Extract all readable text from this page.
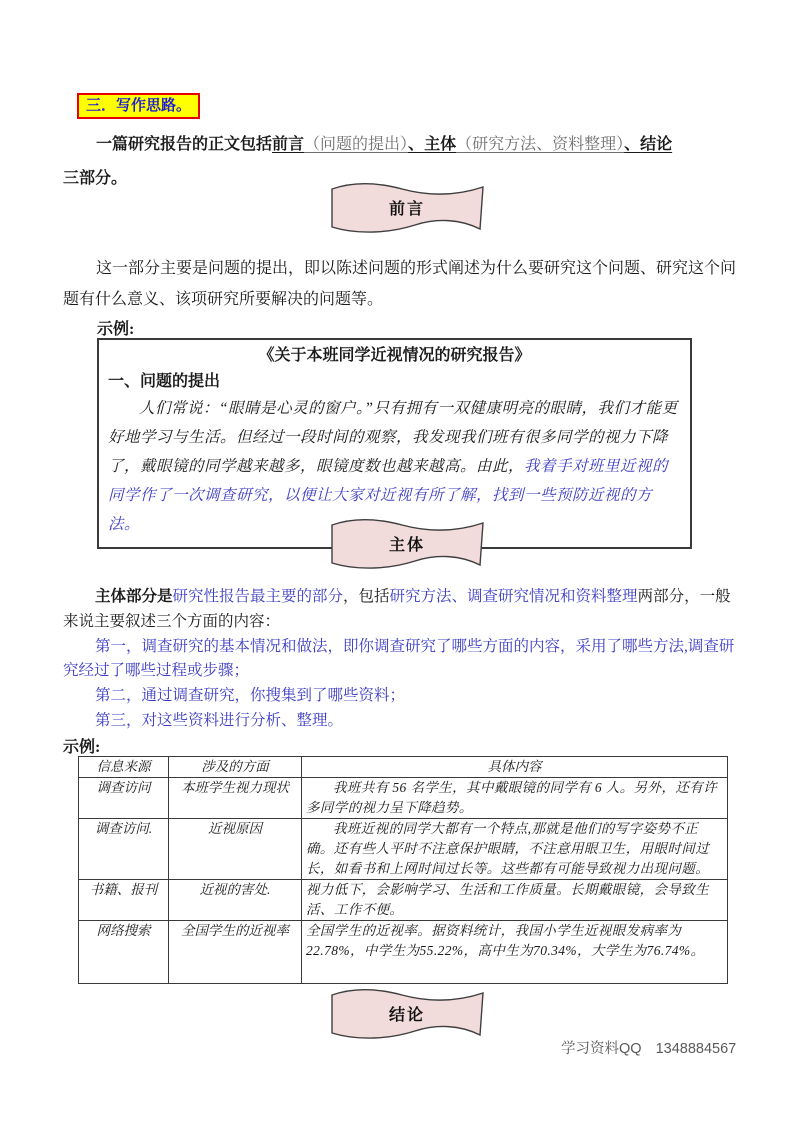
三．写作思路。

一篇研究报告的正文包括前言（问题的提出）、主体（研究方法、资料整理）、结论
三部分。

前言

这一部分主要是问题的提出，即以陈述问题的形式阐述为什么要研究这个问题、研究这个问题有什么意义、该项研究所要解决的问题等。

示例:
《关于本班同学近视情况的研究报告》
一、问题的提出

人们常说：“眼睛是心灵的窗户。”只有拥有一双健康明亮的眼睛，我们才能更好地学习与生活。但经过一段时间的观察，我发现我们班有很多同学的视力下降了，戴眼镜的同学越来越多，眼镜度数也越来越高。由此，我着手对班里近视的同学作了一次调查研究，以便让大家对近视有所了解，找到一些预防近视的方法。

主体

主体部分是研究性报告最主要的部分，包括研究方法、调查研究情况和资料整理两部分，一般来说主要叙述三个方面的内容：

第一，调查研究的基本情况和做法，即你调查研究了哪些方面的内容，采用了哪些方法,调查研究经过了哪些过程或步骤；

第二，通过调查研究，你搜集到了哪些资料；

第三，对这些资料进行分析、整理。

示例:
信息来源	涉及的方面	具体内容
调查访问	本班学生视力现状	我班共有 56 名学生，其中戴眼镜的同学有 6 人。另外，还有许多同学的视力呈下降趋势。
调查访问.	近视原因	我班近视的同学大都有一个特点,那就是他们的写字姿势不正确。还有些人平时不注意保护眼睛，不注意用眼卫生，用眼时间过长，如看书和上网时间过长等。这些都有可能导致视力出现问题。
书籍、报刊	近视的害处.	视力低下，会影响学习、生活和工作质量。长期戴眼镜，会导致生活、工作不便。
网络搜索	全国学生的近视率	全国学生的近视率。据资料统计，我国小学生近视眼发病率为22.78%，中学生为55.22%，高中生为70.34%，大学生为76.74%。
结论
学习资料QQ 1348884567
